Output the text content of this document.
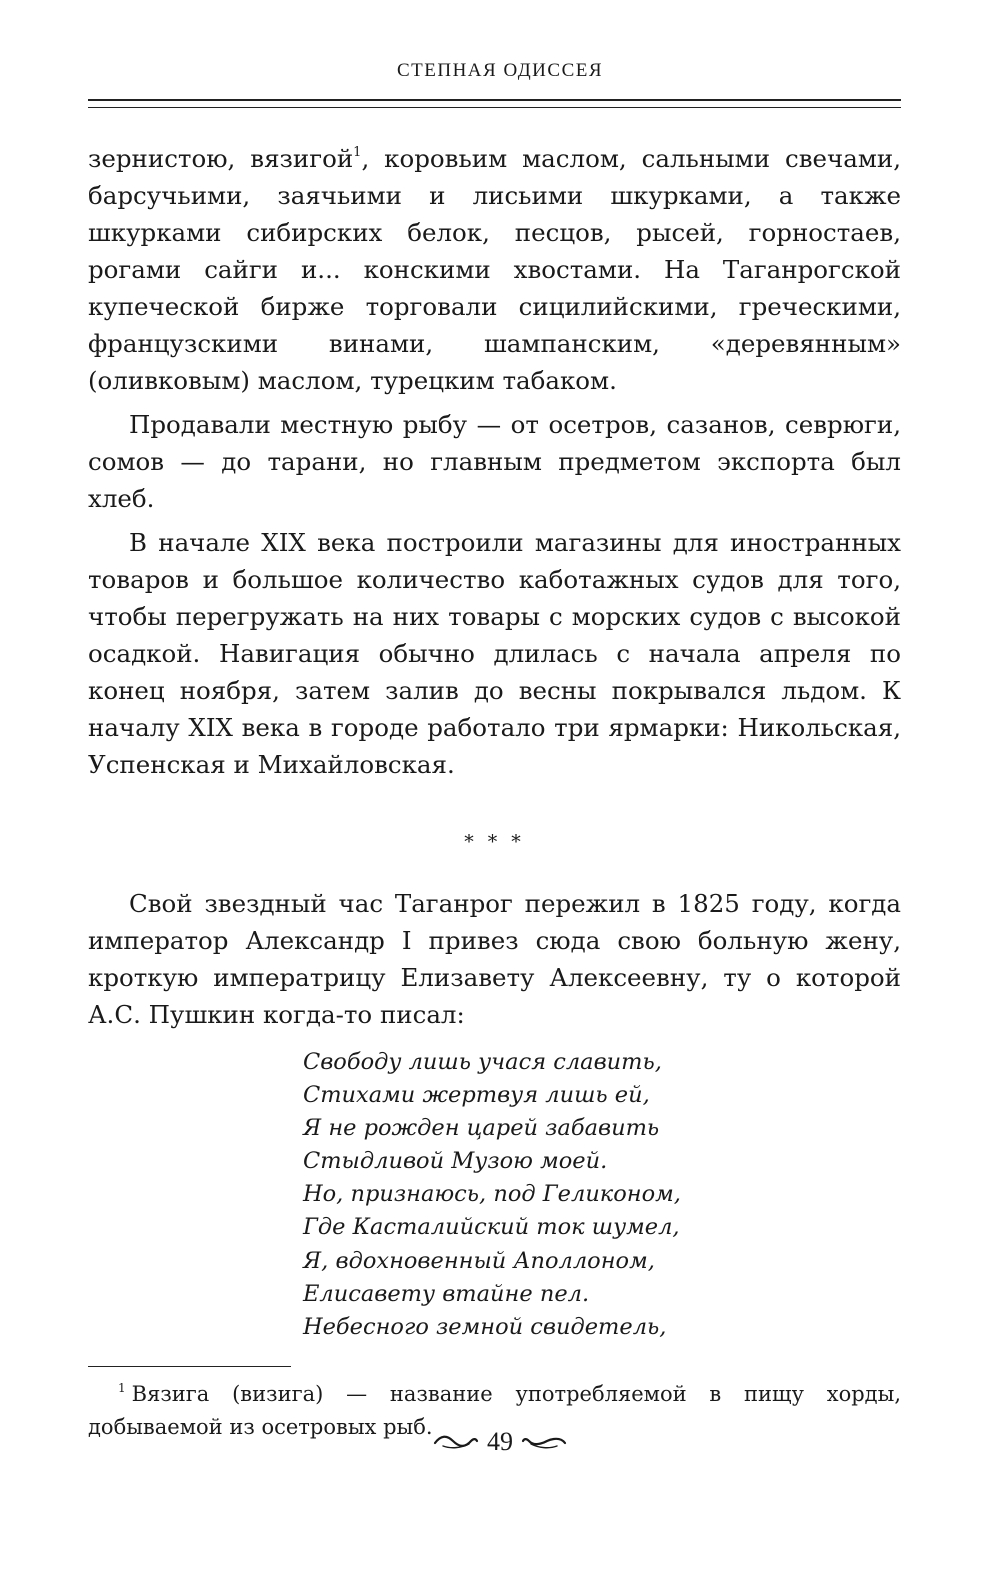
СТЕПНАЯ ОДИССЕЯ

зернистою, вязигой$^1$, коровьим маслом, сальными свечами, барсучьими, заячьими и лисьими шкурками, а также шкурками сибирских белок, песцов, рысей, горностаев, рогами сайги и... конскими хвостами. На Таганрогской купеческой бирже торговали сицилийскими, греческими, французскими винами, шампанским, «деревянным» (оливковым) маслом, турецким табаком.

Продавали местную рыбу — от осетров, сазанов, севрюги, сомов — до тарани, но главным предметом экспорта был хлеб.

В начале XIX века построили магазины для иностранных товаров и большое количество каботажных судов для того, чтобы перегружать на них товары с морских судов с высокой осадкой. Навигация обычно длилась с начала апреля по конец ноября, затем залив до весны покрывался льдом. К началу XIX века в городе работало три ярмарки: Никольская, Успенская и Михайловская.

* * *

Свой звездный час Таганрог пережил в 1825 году, когда император Александр I привез сюда свою больную жену, кроткую императрицу Елизавету Алексеевну, ту о которой А.С. Пушкин когда-то писал:

Свободу лишь учася славить,
Стихами жертвуя лишь ей,
Я не рожден царей забавить
Стыдливой Музою моей.
Но, признаюсь, под Геликоном,
Где Касталийский ток шумел,
Я, вдохновенный Аполлоном,
Елисавету втайне пел.
Небесного земной свидетель,

$^1$ Вязига (визига) — название употребляемой в пищу хорды, добываемой из осетровых рыб.	49
